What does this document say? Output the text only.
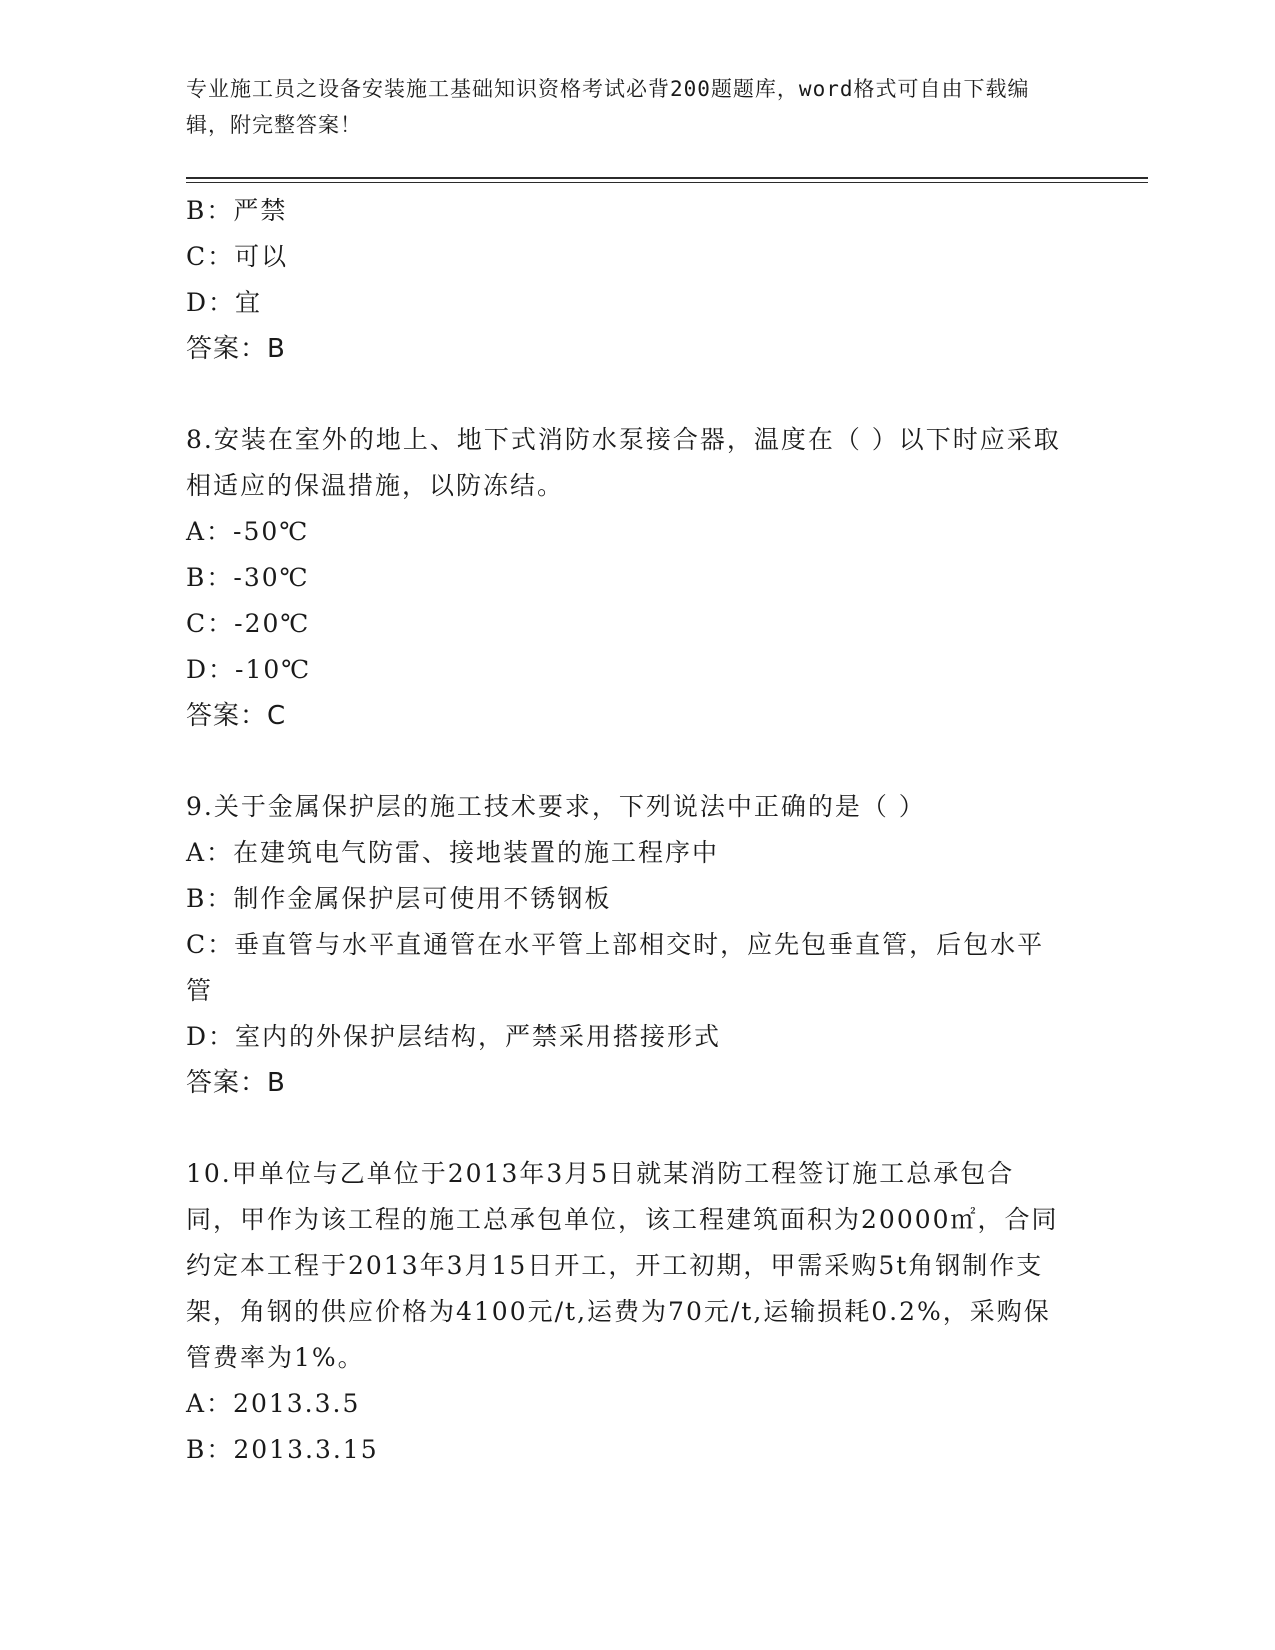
专业施工员之设备安装施工基础知识资格考试必背200题题库，word格式可自由下载编辑，附完整答案！
B：严禁
C：可以
D：宜
答案：B
8.安装在室外的地上、地下式消防水泵接合器，温度在（ ）以下时应采取相适应的保温措施，以防冻结。
A：-50℃
B：-30℃
C：-20℃
D：-10℃
答案：C
9.关于金属保护层的施工技术要求，下列说法中正确的是（ ）
A：在建筑电气防雷、接地装置的施工程序中
B：制作金属保护层可使用不锈钢板
C：垂直管与水平直通管在水平管上部相交时，应先包垂直管，后包水平管
D：室内的外保护层结构，严禁采用搭接形式
答案：B
10.甲单位与乙单位于2013年3月5日就某消防工程签订施工总承包合同，甲作为该工程的施工总承包单位，该工程建筑面积为20000㎡，合同约定本工程于2013年3月15日开工，开工初期，甲需采购5t角钢制作支架，角钢的供应价格为4100元/t,运费为70元/t,运输损耗0.2%，采购保管费率为1%。
A：2013.3.5
B：2013.3.15
